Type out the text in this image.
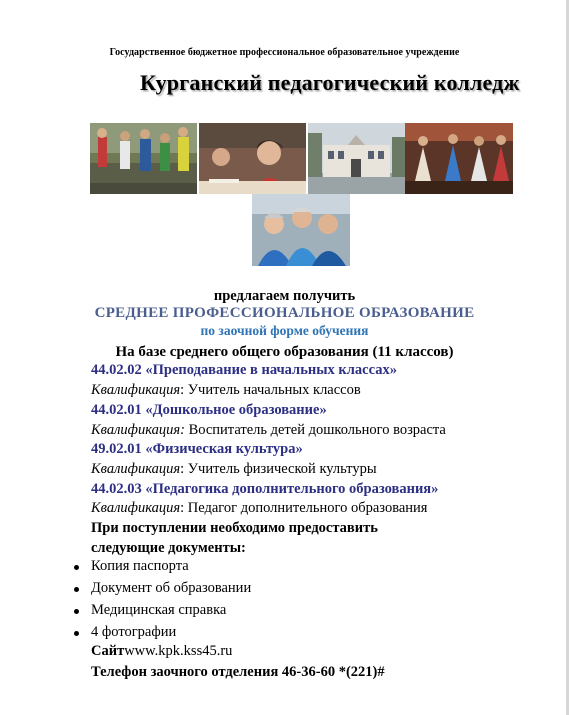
Государственное бюджетное профессиональное образовательное учреждение
Курганский педагогический колледж
предлагаем получить
СРЕДНЕЕ ПРОФЕССИОНАЛЬНОЕ ОБРАЗОВАНИЕ
по заочной форме обучения
На базе среднего общего образования (11 классов)
44.02.02 «Преподавание в начальных классах»
Квалификация: Учитель начальных классов
44.02.01 «Дошкольное образование»
Квалификация: Воспитатель детей дошкольного возраста
49.02.01 «Физическая культура»
Квалификация: Учитель физической культуры
44.02.03 «Педагогика дополнительного образования»
Квалификация: Педагог дополнительного образования
При поступлении необходимо предоставить
следующие документы:
Копия паспорта
Документ об образовании
Медицинская справка
4 фотографии
Сайтwww.kpk.kss45.ru
Телефон заочного отделения 46-36-60 *(221)#
